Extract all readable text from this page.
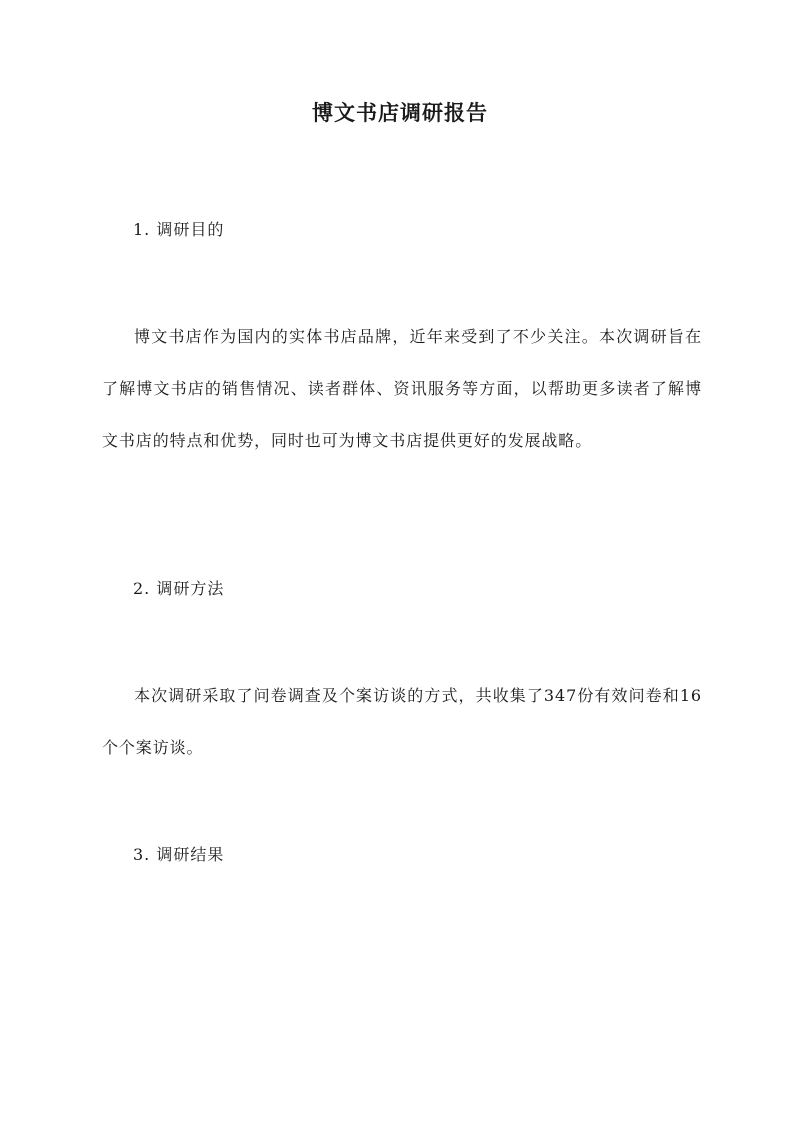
博文书店调研报告
1. 调研目的
博文书店作为国内的实体书店品牌，近年来受到了不少关注。本次调研旨在了解博文书店的销售情况、读者群体、资讯服务等方面，以帮助更多读者了解博文书店的特点和优势，同时也可为博文书店提供更好的发展战略。
2. 调研方法
本次调研采取了问卷调查及个案访谈的方式，共收集了347份有效问卷和16个个案访谈。
3. 调研结果
